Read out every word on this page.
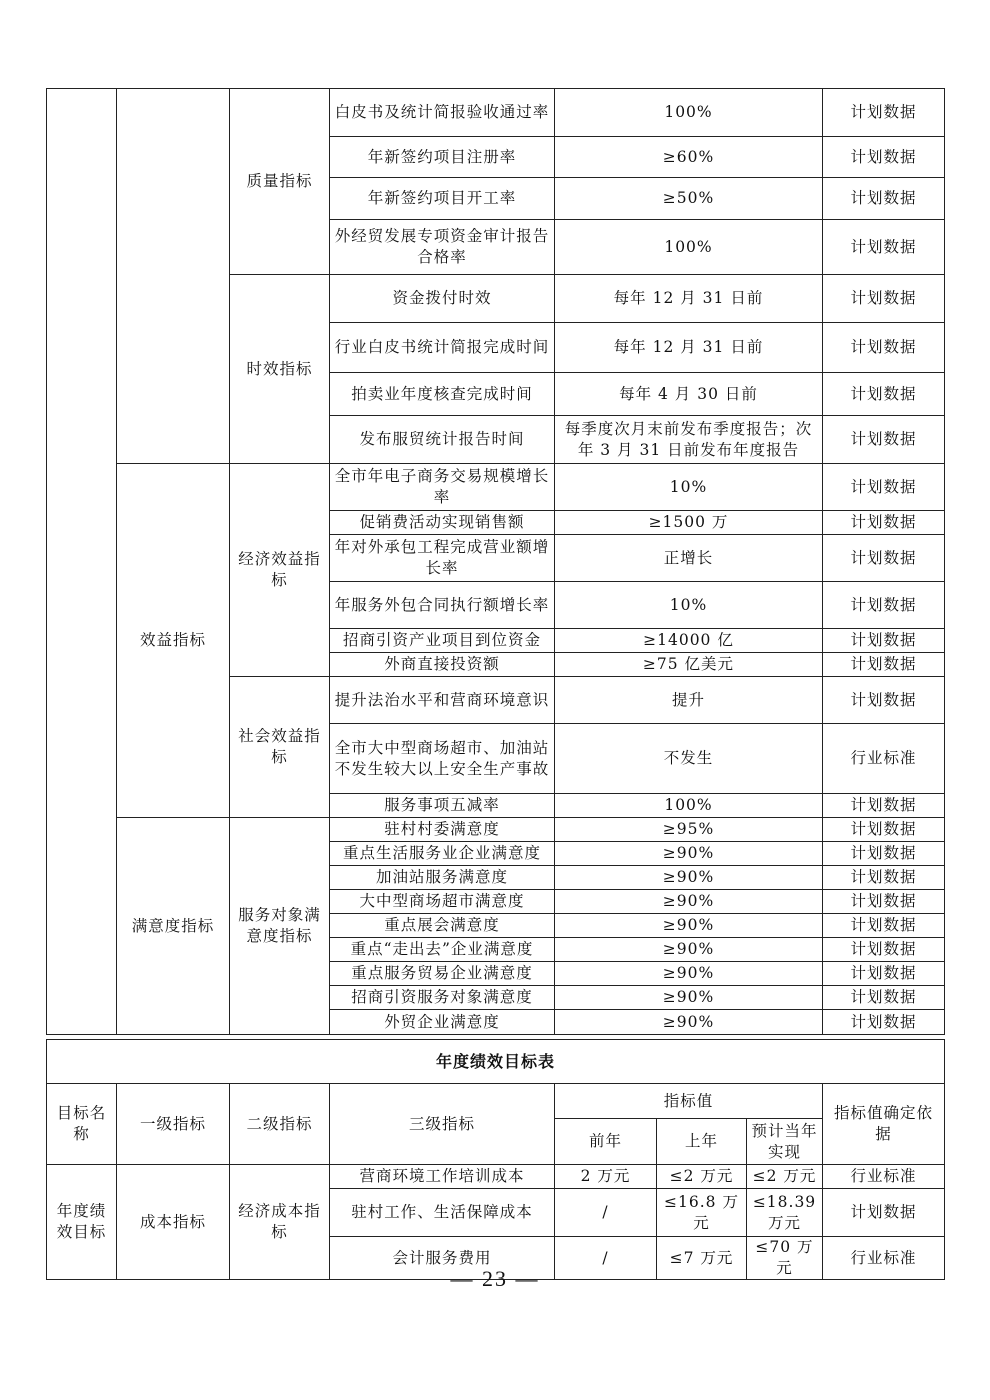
		质量指标	白皮书及统计简报验收通过率	100%	计划数据
			年新签约项目注册率	≥60%	计划数据
			年新签约项目开工率	≥50%	计划数据
			外经贸发展专项资金审计报告合格率	100%	计划数据
		时效指标	资金拨付时效	每年 12 月 31 日前	计划数据
			行业白皮书统计简报完成时间	每年 12 月 31 日前	计划数据
			拍卖业年度核查完成时间	每年 4 月 30 日前	计划数据
			发布服贸统计报告时间	每季度次月末前发布季度报告；次年 3 月 31 日前发布年度报告	计划数据
	效益指标	经济效益指标	全市年电子商务交易规模增长率	10%	计划数据
			促销费活动实现销售额	≥1500 万	计划数据
			年对外承包工程完成营业额增长率	正增长	计划数据
			年服务外包合同执行额增长率	10%	计划数据
			招商引资产业项目到位资金	≥14000 亿	计划数据
			外商直接投资额	≥75 亿美元	计划数据
		社会效益指标	提升法治水平和营商环境意识	提升	计划数据
			全市大中型商场超市、加油站不发生较大以上安全生产事故	不发生	行业标准
			服务事项五减率	100%	计划数据
	满意度指标	服务对象满意度指标	驻村村委满意度	≥95%	计划数据
			重点生活服务业企业满意度	≥90%	计划数据
			加油站服务满意度	≥90%	计划数据
			大中型商场超市满意度	≥90%	计划数据
			重点展会满意度	≥90%	计划数据
			重点“走出去”企业满意度	≥90%	计划数据
			重点服务贸易企业满意度	≥90%	计划数据
			招商引资服务对象满意度	≥90%	计划数据
			外贸企业满意度	≥90%	计划数据
年度绩效目标表							
目标名称	一级指标	二级指标	三级指标	指标值			指标值确定依据
				前年	上年	预计当年实现	
年度绩效目标	成本指标	经济成本指标	营商环境工作培训成本	2 万元	≤2 万元	≤2 万元	行业标准
			驻村工作、生活保障成本	/	≤16.8 万元	≤18.39 万元	计划数据
			会计服务费用	/	≤7 万元	≤70 万元	行业标准
— 23 —
